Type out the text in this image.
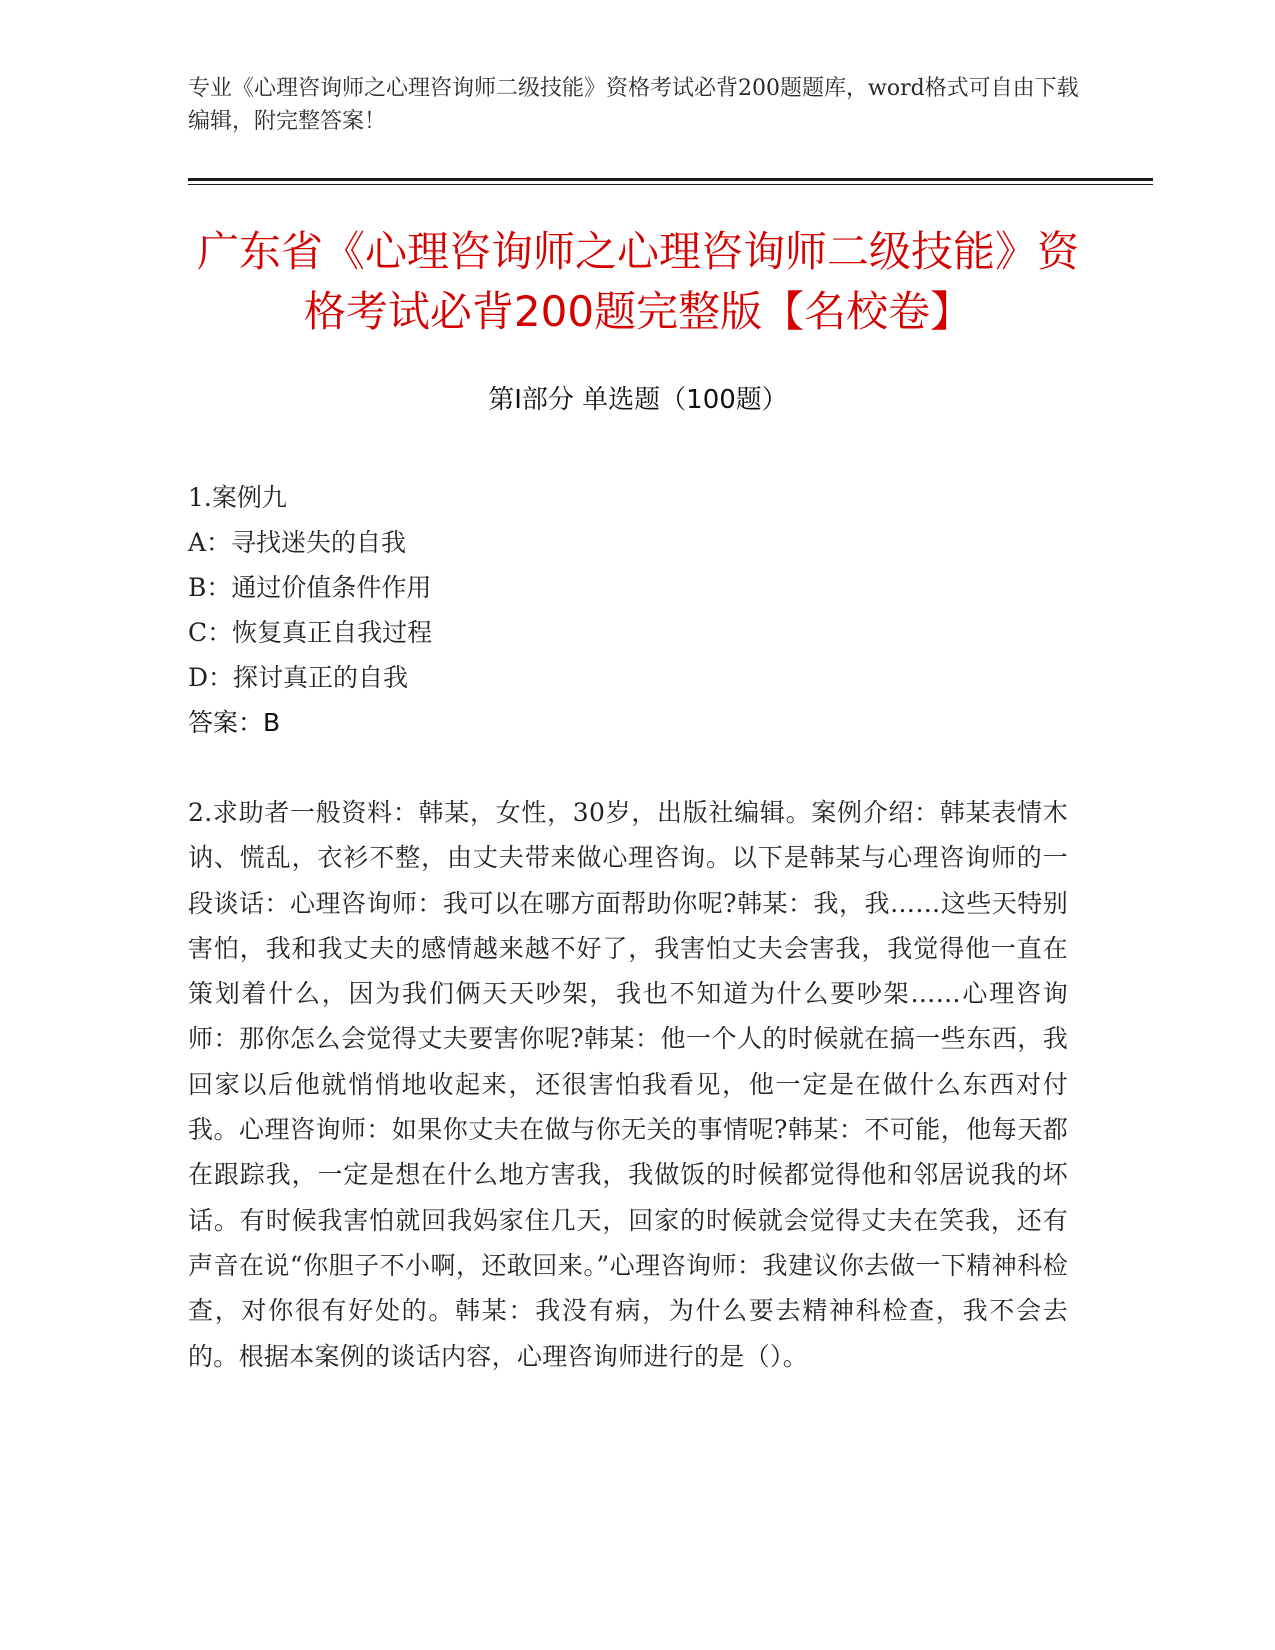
专业《心理咨询师之心理咨询师二级技能》资格考试必背200题题库，word格式可自由下载编辑，附完整答案！
广东省《心理咨询师之心理咨询师二级技能》资格考试必背200题完整版【名校卷】
第I部分 单选题（100题）
1.案例九
A：寻找迷失的自我
B：通过价值条件作用
C：恢复真正自我过程
D：探讨真正的自我
答案：B
2.求助者一般资料：韩某，女性，30岁，出版社编辑。案例介绍：韩某表情木讷、慌乱，衣衫不整，由丈夫带来做心理咨询。以下是韩某与心理咨询师的一段谈话：心理咨询师：我可以在哪方面帮助你呢?韩某：我，我……这些天特别害怕，我和我丈夫的感情越来越不好了，我害怕丈夫会害我，我觉得他一直在策划着什么，因为我们俩天天吵架，我也不知道为什么要吵架……心理咨询师：那你怎么会觉得丈夫要害你呢?韩某：他一个人的时候就在搞一些东西，我回家以后他就悄悄地收起来，还很害怕我看见，他一定是在做什么东西对付我。心理咨询师：如果你丈夫在做与你无关的事情呢?韩某：不可能，他每天都在跟踪我，一定是想在什么地方害我，我做饭的时候都觉得他和邻居说我的坏话。有时候我害怕就回我妈家住几天，回家的时候就会觉得丈夫在笑我，还有声音在说“你胆子不小啊，还敢回来。”心理咨询师：我建议你去做一下精神科检查，对你很有好处的。韩某：我没有病，为什么要去精神科检查，我不会去的。根据本案例的谈话内容，心理咨询师进行的是（）。
